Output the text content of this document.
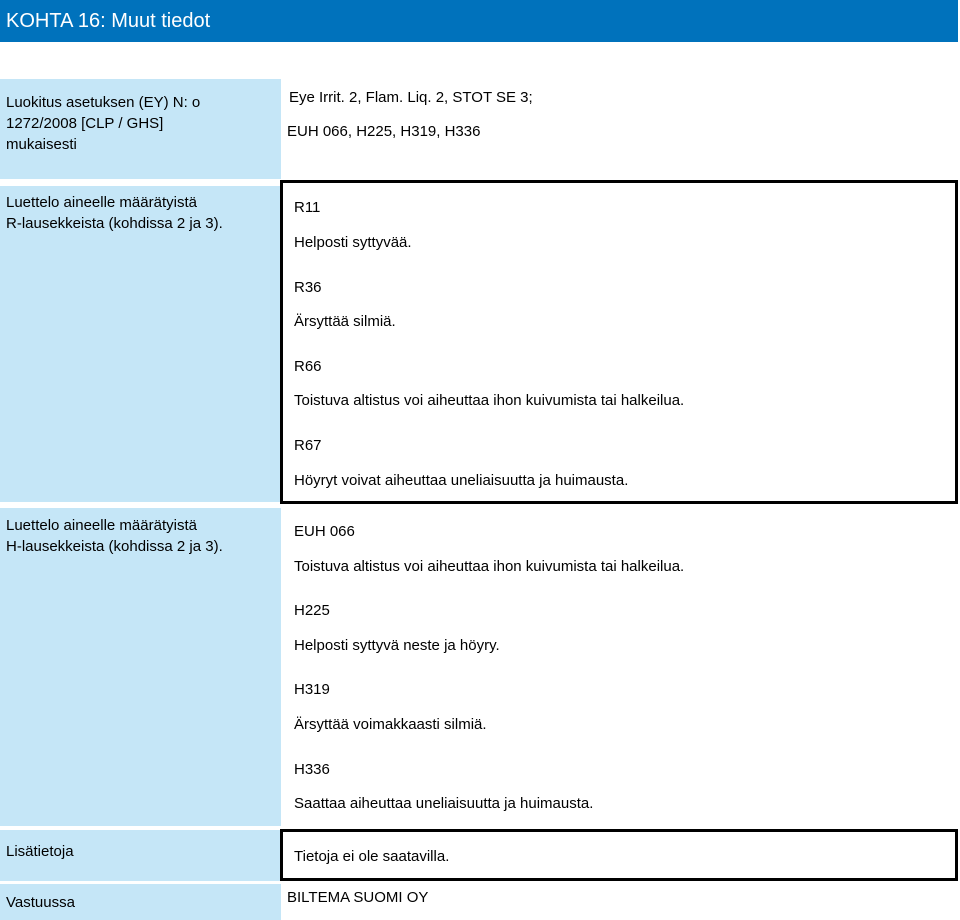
KOHTA 16: Muut tiedot
Luokitus asetuksen (EY) N: o
1272/2008 [CLP / GHS]
mukaisesti
Eye Irrit. 2, Flam. Liq. 2, STOT SE 3;
EUH 066, H225, H319, H336
Luettelo aineelle määrätyistä
R-lausekkeista (kohdissa 2 ja 3).
R11
Helposti syttyvää.
R36
Ärsyttää silmiä.
R66
Toistuva altistus voi aiheuttaa ihon kuivumista tai halkeilua.
R67
Höyryt voivat aiheuttaa uneliaisuutta ja huimausta.
Luettelo aineelle määrätyistä
H-lausekkeista (kohdissa 2 ja 3).
EUH 066
Toistuva altistus voi aiheuttaa ihon kuivumista tai halkeilua.
H225
Helposti syttyvä neste ja höyry.
H319
Ärsyttää voimakkaasti silmiä.
H336
Saattaa aiheuttaa uneliaisuutta ja huimausta.
Lisätietoja	Tietoja ei ole saatavilla.
Vastuussa	BILTEMA SUOMI OY
